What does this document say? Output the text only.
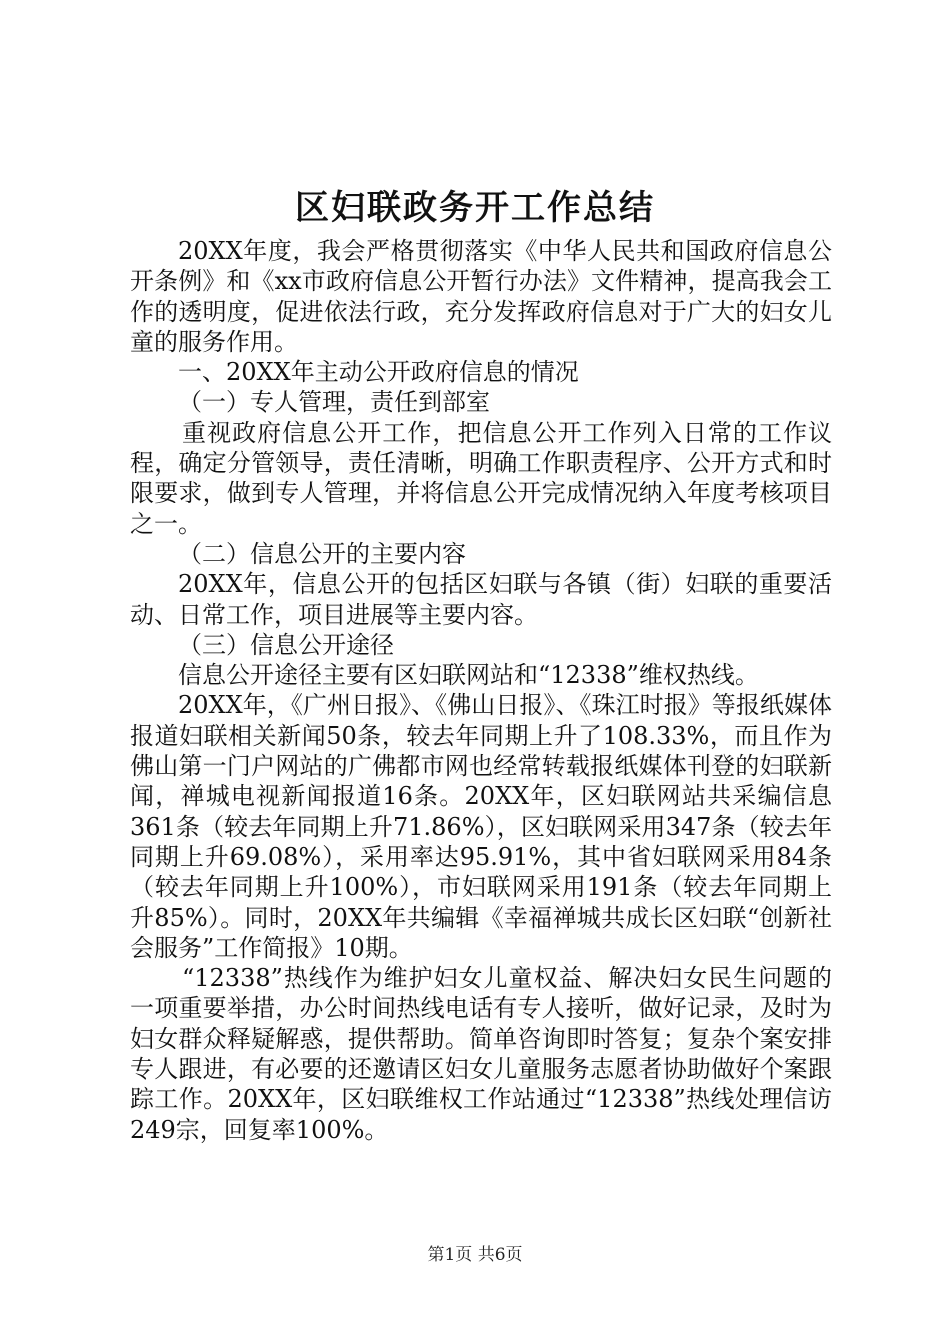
区妇联政务开工作总结

20XX年度，我会严格贯彻落实《中华人民共和国政府信息公开条例》和《xx市政府信息公开暂行办法》文件精神，提高我会工作的透明度，促进依法行政，充分发挥政府信息对于广大的妇女儿童的服务作用。

一、20XX年主动公开政府信息的情况

（一）专人管理，责任到部室

重视政府信息公开工作，把信息公开工作列入日常的工作议程，确定分管领导，责任清晰，明确工作职责程序、公开方式和时限要求，做到专人管理，并将信息公开完成情况纳入年度考核项目之一。

（二）信息公开的主要内容

20XX年，信息公开的包括区妇联与各镇（街）妇联的重要活动、日常工作，项目进展等主要内容。

（三）信息公开途径

信息公开途径主要有区妇联网站和“12338”维权热线。

20XX年，《广州日报》、《佛山日报》、《珠江时报》等报纸媒体报道妇联相关新闻50条，较去年同期上升了108.33%，而且作为佛山第一门户网站的广佛都市网也经常转载报纸媒体刊登的妇联新闻，禅城电视新闻报道16条。20XX年，区妇联网站共采编信息361条（较去年同期上升71.86%），区妇联网采用347条（较去年同期上升69.08%），采用率达95.91%，其中省妇联网采用84条（较去年同期上升100%），市妇联网采用191条（较去年同期上升85%）。同时，20XX年共编辑《幸福禅城共成长区妇联“创新社会服务”工作简报》10期。

“12338”热线作为维护妇女儿童权益、解决妇女民生问题的一项重要举措，办公时间热线电话有专人接听，做好记录，及时为妇女群众释疑解惑，提供帮助。简单咨询即时答复；复杂个案安排专人跟进，有必要的还邀请区妇女儿童服务志愿者协助做好个案跟踪工作。20XX年，区妇联维权工作站通过“12338”热线处理信访249宗，回复率100%。

第1页 共6页
